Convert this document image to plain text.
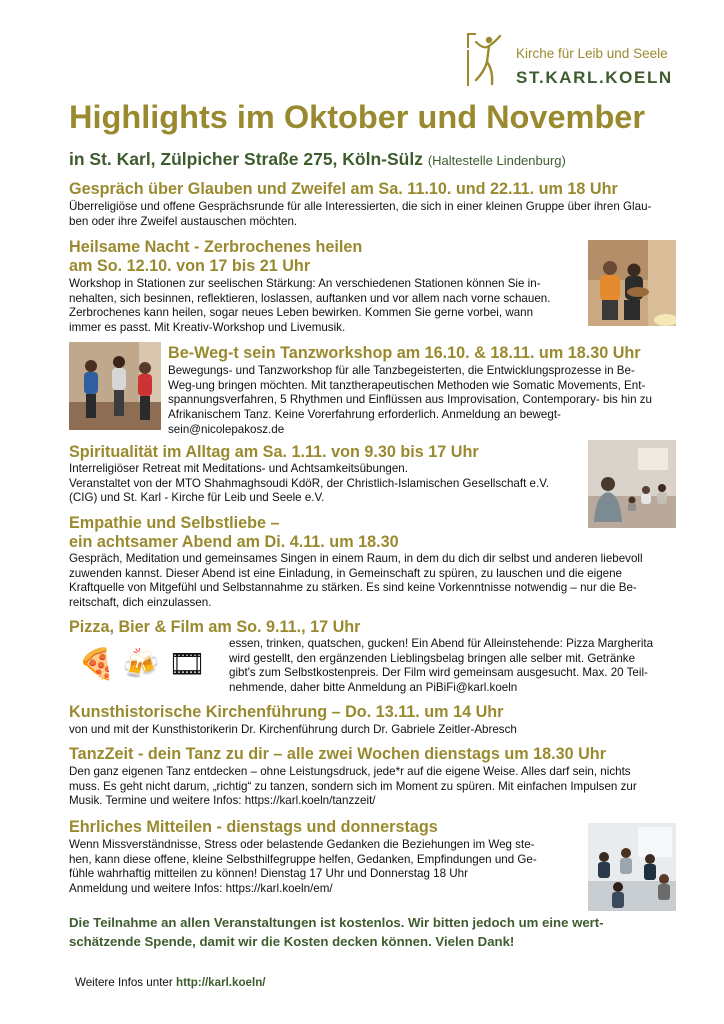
Kirche für Leib und Seele
ST.KARL.KOELN
Highlights im Oktober und November
in St. Karl, Zülpicher Straße 275, Köln-Sülz (Haltestelle Lindenburg)
Gespräch über Glauben und Zweifel am Sa. 11.10. und 22.11. um 18 Uhr
Überreligiöse und offene Gesprächsrunde für alle Interessierten, die sich in einer kleinen Gruppe über ihren Glau-
ben oder ihre Zweifel austauschen möchten.
Heilsame Nacht - Zerbrochenes heilen
am So. 12.10. von 17 bis 21 Uhr
Workshop in Stationen zur seelischen Stärkung: An verschiedenen Stationen können Sie in-
nehalten, sich besinnen, reflektieren, loslassen, auftanken und vor allem nach vorne schauen.
Zerbrochenes kann heilen, sogar neues Leben bewirken. Kommen Sie gerne vorbei, wann
immer es passt. Mit Kreativ-Workshop und Livemusik.
Be-Weg-t sein Tanzworkshop am 16.10. & 18.11. um 18.30 Uhr
Bewegungs- und Tanzworkshop für alle Tanzbegeisterten, die Entwicklungsprozesse in Be-
Weg-ung bringen möchten. Mit tanztherapeutischen Methoden wie Somatic Movements, Ent-
spannungsverfahren, 5 Rhythmen und Einflüssen aus Improvisation, Contemporary- bis hin zu
Afrikanischem Tanz. Keine Vorerfahrung erforderlich. Anmeldung an bewegt-
sein@nicolepakosz.de
Spiritualität im Alltag am Sa. 1.11. von 9.30 bis 17 Uhr
Interreligiöser Retreat mit Meditations- und Achtsamkeitsübungen.
Veranstaltet von der MTO Shahmaghsoudi KdöR, der Christlich-Islamischen Gesellschaft e.V.
(CIG) und St. Karl - Kirche für Leib und Seele e.V.
Empathie und Selbstliebe –
ein achtsamer Abend am Di. 4.11. um 18.30
Gespräch, Meditation und gemeinsames Singen in einem Raum, in dem du dich dir selbst und anderen liebevoll
zuwenden kannst. Dieser Abend ist eine Einladung, in Gemeinschaft zu spüren, zu lauschen und die eigene
Kraftquelle von Mitgefühl und Selbstannahme zu stärken. Es sind keine Vorkenntnisse notwendig – nur die Be-
reitschaft, dich einzulassen.
Pizza, Bier & Film am So. 9.11., 17 Uhr
🍕 🍻 🎞
essen, trinken, quatschen, gucken! Ein Abend für Alleinstehende: Pizza Margherita
wird gestellt, den ergänzenden Lieblingsbelag bringen alle selber mit. Getränke
gibt's zum Selbstkostenpreis. Der Film wird gemeinsam ausgesucht. Max. 20 Teil-
nehmende, daher bitte Anmeldung an PiBiFi@karl.koeln
Kunsthistorische Kirchenführung – Do. 13.11. um 14 Uhr
von und mit der Kunsthistorikerin Dr. Kirchenführung durch Dr. Gabriele Zeitler-Abresch
TanzZeit - dein Tanz zu dir – alle zwei Wochen dienstags um 18.30 Uhr
Den ganz eigenen Tanz entdecken – ohne Leistungsdruck, jede*r auf die eigene Weise. Alles darf sein, nichts
muss. Es geht nicht darum, „richtig“ zu tanzen, sondern sich im Moment zu spüren. Mit einfachen Impulsen zur
Musik. Termine und weitere Infos: https://karl.koeln/tanzzeit/
Ehrliches Mitteilen - dienstags und donnerstags
Wenn Missverständnisse, Stress oder belastende Gedanken die Beziehungen im Weg ste-
hen, kann diese offene, kleine Selbsthilfegruppe helfen, Gedanken, Empfindungen und Ge-
fühle wahrhaftig mitteilen zu können! Dienstag 17 Uhr und Donnerstag 18 Uhr
Anmeldung und weitere Infos: https://karl.koeln/em/
Die Teilnahme an allen Veranstaltungen ist kostenlos. Wir bitten jedoch um eine wert-
schätzende Spende, damit wir die Kosten decken können. Vielen Dank!
Weitere Infos unter http://karl.koeln/
